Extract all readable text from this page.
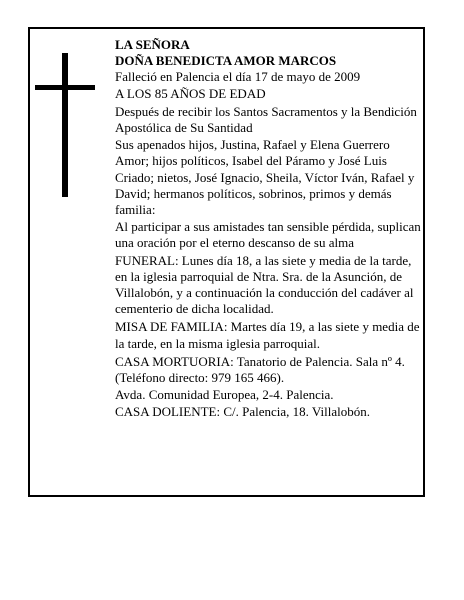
LA SEÑORA

DOÑA BENEDICTA AMOR MARCOS

Falleció en Palencia el día 17 de mayo de 2009

A LOS 85 AÑOS DE EDAD

Después de recibir los Santos Sacramentos y la Bendición Apostólica de Su Santidad

Sus apenados hijos, Justina, Rafael y Elena Guerrero Amor; hijos políticos, Isabel del Páramo y José Luis Criado; nietos, José Ignacio, Sheila, Víctor Iván, Rafael y David; hermanos políticos, sobrinos, primos y demás familia:

Al participar a sus amistades tan sensible pérdida, suplican una oración por el eterno descanso de su alma

FUNERAL: Lunes día 18, a las siete y media de la tarde, en la iglesia parroquial de Ntra. Sra. de la Asunción, de Villalobón, y a continuación la conducción del cadáver al cementerio de dicha localidad.

MISA DE FAMILIA: Martes día 19, a las siete y media de la tarde, en la misma iglesia parroquial.

CASA MORTUORIA: Tanatorio de Palencia. Sala nº 4. (Teléfono directo: 979 165 466).

Avda. Comunidad Europea, 2-4. Palencia.

CASA DOLIENTE: C/. Palencia, 18. Villalobón.
